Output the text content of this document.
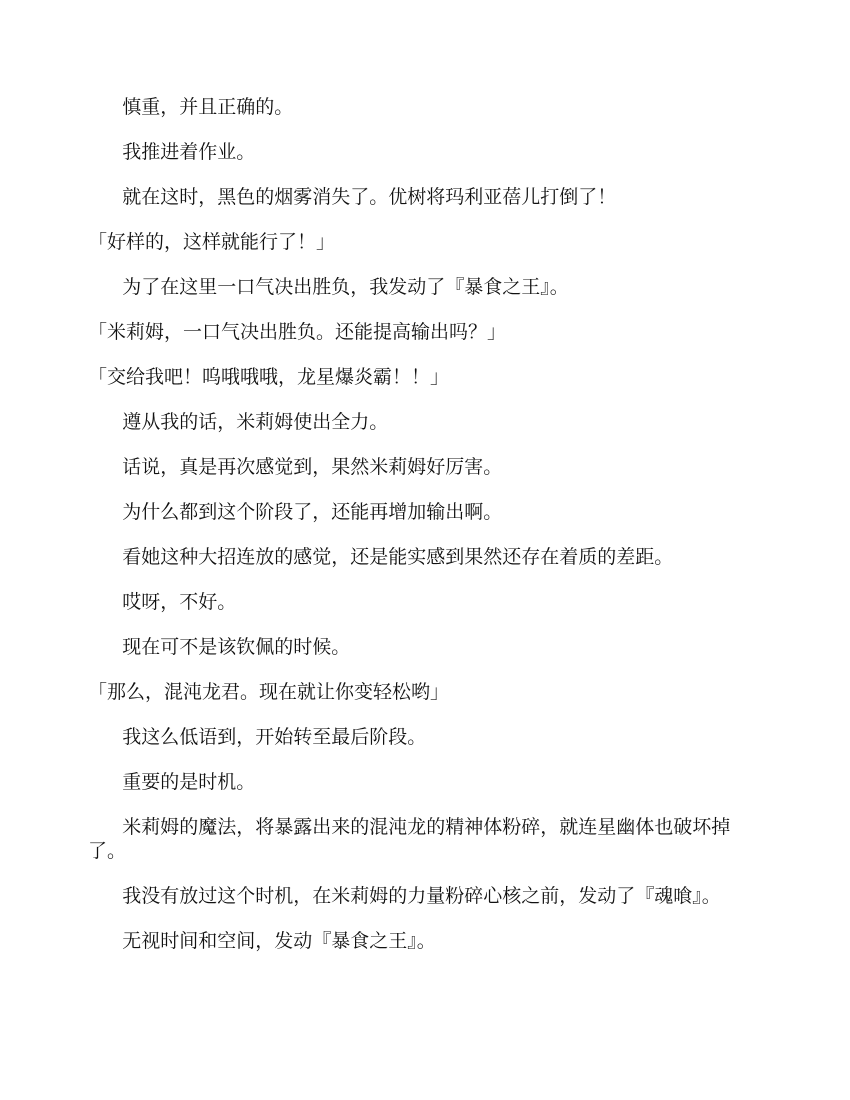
慎重，并且正确的。

我推进着作业。

就在这时，黑色的烟雾消失了。优树将玛利亚蓓儿打倒了！

「好样的，这样就能行了！」

为了在这里一口气决出胜负，我发动了『暴食之王』。

「米莉姆，一口气决出胜负。还能提高输出吗？」

「交给我吧！呜哦哦哦，龙星爆炎霸！！」

遵从我的话，米莉姆使出全力。

话说，真是再次感觉到，果然米莉姆好厉害。

为什么都到这个阶段了，还能再增加输出啊。

看她这种大招连放的感觉，还是能实感到果然还存在着质的差距。

哎呀，不好。

现在可不是该钦佩的时候。

「那么，混沌龙君。现在就让你变轻松哟」

我这么低语到，开始转至最后阶段。

重要的是时机。

米莉姆的魔法，将暴露出来的混沌龙的精神体粉碎，就连星幽体也破坏掉了。

我没有放过这个时机，在米莉姆的力量粉碎心核之前，发动了『魂喰』。

无视时间和空间，发动『暴食之王』。
